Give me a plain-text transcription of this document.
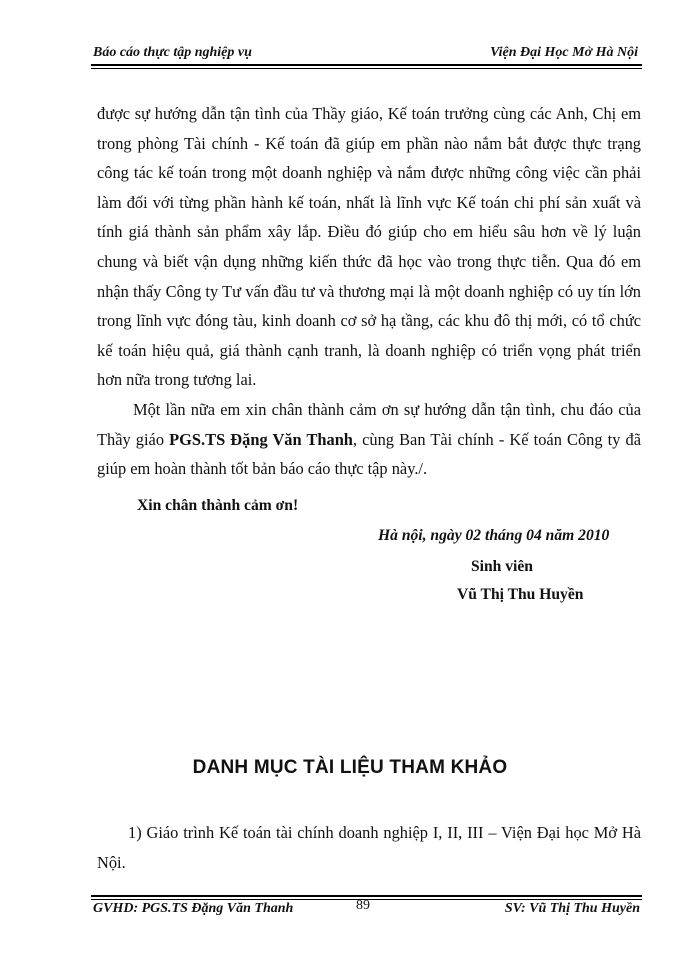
Báo cáo thực tập nghiệp vụ	Viện Đại Học Mở Hà Nội

được sự hướng dẫn tận tình của Thầy giáo, Kế toán trưởng cùng các Anh, Chị em trong phòng Tài chính - Kế toán đã giúp em phần nào nắm bắt được thực trạng công tác kế toán trong một doanh nghiệp và nắm được những công việc cần phải làm đối với từng phần hành kế toán, nhất là lĩnh vực Kế toán chi phí sản xuất và tính giá thành sản phẩm xây lắp. Điều đó giúp cho em hiểu sâu hơn về lý luận chung và biết vận dụng những kiến thức đã học vào trong thực tiễn. Qua đó em nhận thấy Công ty Tư vấn đầu tư và thương mại là một doanh nghiệp có uy tín lớn trong lĩnh vực đóng tàu, kinh doanh cơ sở hạ tầng, các khu đô thị mới, có tổ chức kế toán hiệu quả, giá thành cạnh tranh, là doanh nghiệp có triển vọng phát triển hơn nữa trong tương lai.

Một lần nữa em xin chân thành cảm ơn sự hướng dẫn tận tình, chu đáo của Thầy giáo PGS.TS Đặng Văn Thanh, cùng Ban Tài chính - Kế toán Công ty đã giúp em hoàn thành tốt bản báo cáo thực tập này./.

Xin chân thành cảm ơn!
Hà nội, ngày 02 tháng 04 năm 2010
Sinh viên
Vũ Thị Thu Huyền
DANH MỤC TÀI LIỆU THAM KHẢO

1) Giáo trình Kế toán tài chính doanh nghiệp I, II, III – Viện Đại học Mở Hà Nội.

GVHD: PGS.TS Đặng Văn Thanh	89	SV: Vũ Thị Thu Huyền
